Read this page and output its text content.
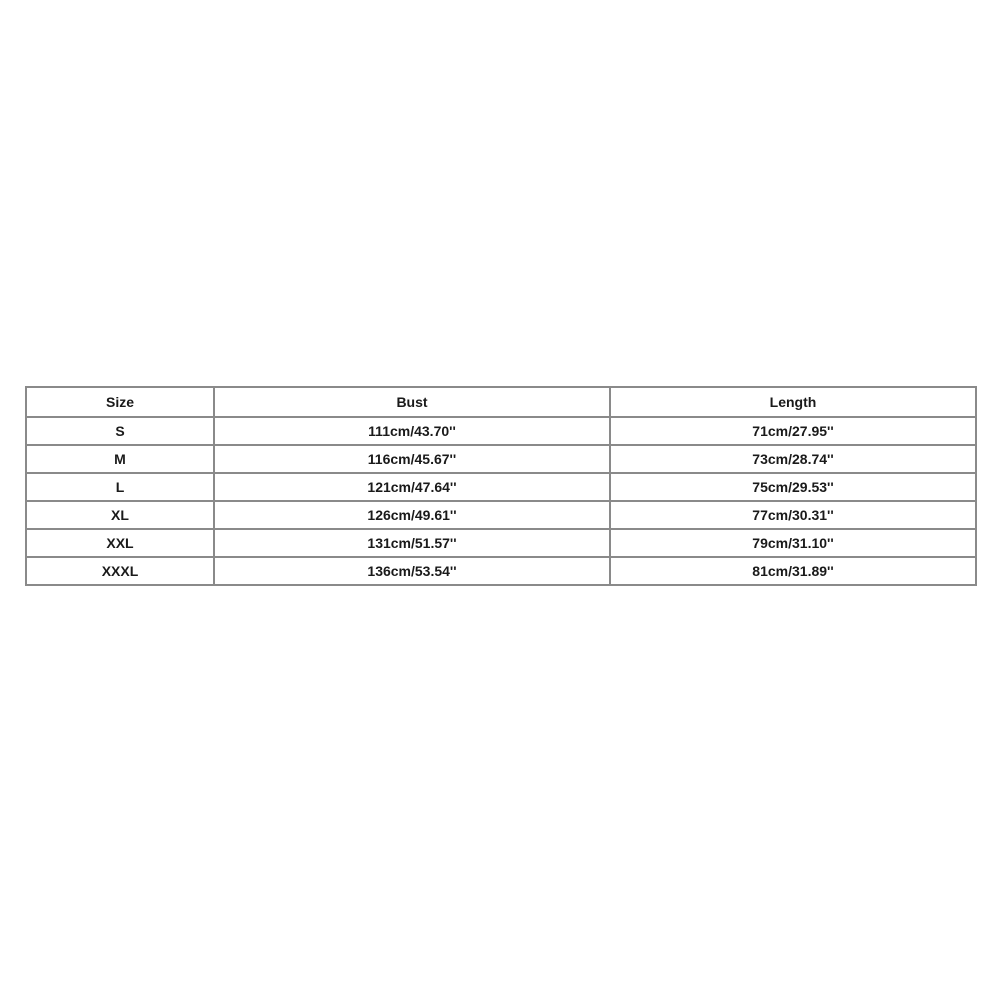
Size	Bust	Length
S	111cm/43.70''	71cm/27.95''
M	116cm/45.67''	73cm/28.74''
L	121cm/47.64''	75cm/29.53''
XL	126cm/49.61''	77cm/30.31''
XXL	131cm/51.57''	79cm/31.10''
XXXL	136cm/53.54''	81cm/31.89''
